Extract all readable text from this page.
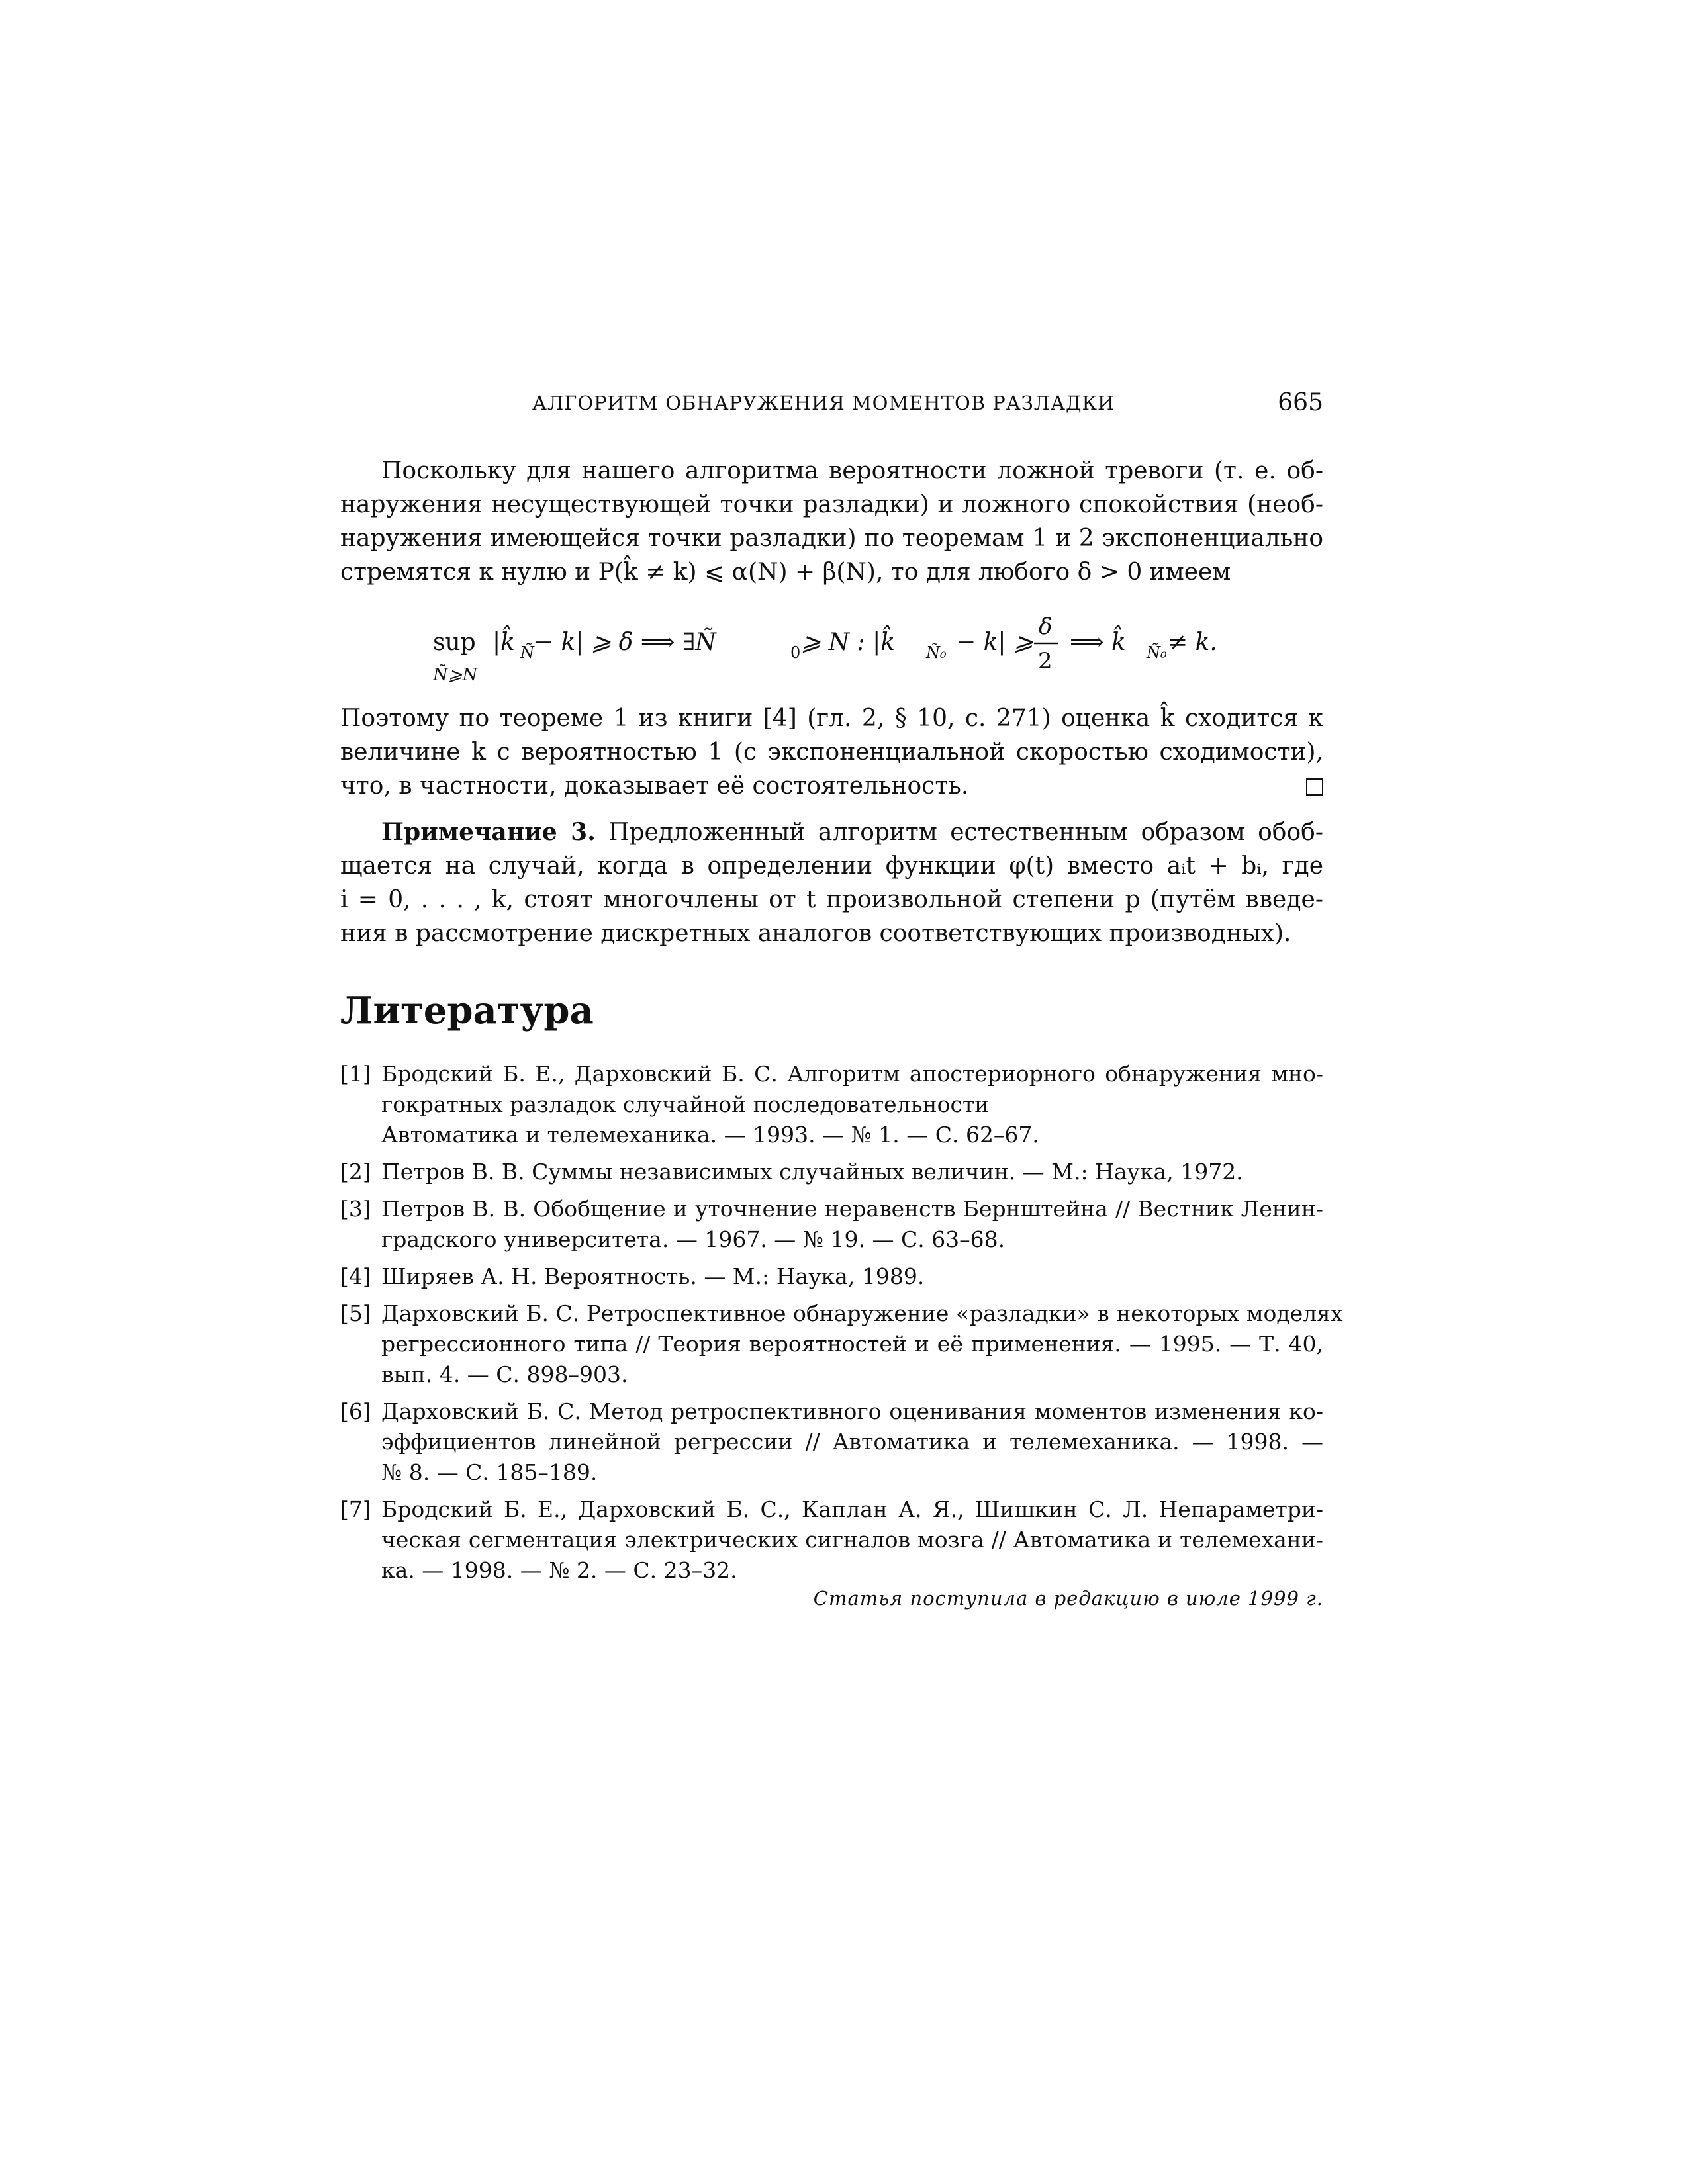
АЛГОРИТМ ОБНАРУЖЕНИЯ МОМЕНТОВ РАЗЛАДКИ	665

Поскольку для нашего алгоритма вероятности ложной тревоги (т. е. об-
наружения несуществующей точки разладки) и ложного спокойствия (необ-
наружения имеющейся точки разладки) по теоремам 1 и 2 экспоненциально
стремятся к нулю и P(k̂ ≠ k) ⩽ α(N) + β(N), то для любого δ > 0 имеем

sup
Ñ⩾N
|k̂ Ñ − k| ⩾ δ ⟹ ∃Ñ	0 ⩾ N : |k̂ Ñ₀ − k| ⩾
δ
2
⟹ k̂ Ñ₀ ≠ k.

Поэтому по теореме 1 из книги [4] (гл. 2, § 10, с. 271) оценка k̂ сходится к
величине k с вероятностью 1 (с экспоненциальной скоростью сходимости),
что, в частности, доказывает её состоятельность.

Примечание 3. Предложенный алгоритм естественным образом обоб-
щается на случай, когда в определении функции φ(t) вместо aᵢt + bᵢ, где
i = 0, . . . , k, стоят многочлены от t произвольной степени p (путём введе-
ния в рассмотрение дискретных аналогов соответствующих производных).

Литература
[1] Бродский Б. Е., Дарховский Б. С. Алгоритм апостериорного обнаружения мно-
гократных разладок случайной последовательности
Автоматика и телемеханика. — 1993. — № 1. — С. 62–67.
[2] Петров В. В. Суммы независимых случайных величин. — М.: Наука, 1972.
[3] Петров В. В. Обобщение и уточнение неравенств Бернштейна // Вестник Ленин-
градского университета. — 1967. — № 19. — С. 63–68.
[4] Ширяев А. Н. Вероятность. — М.: Наука, 1989.
[5] Дарховский Б. С. Ретроспективное обнаружение «разладки» в некоторых моделях
регрессионного типа // Теория вероятностей и её применения. — 1995. — Т. 40,
вып. 4. — С. 898–903.
[6] Дарховский Б. С. Метод ретроспективного оценивания моментов изменения ко-
эффициентов линейной регрессии // Автоматика и телемеханика. — 1998. —
№ 8. — С. 185–189.
[7] Бродский Б. Е., Дарховский Б. С., Каплан А. Я., Шишкин С. Л. Непараметри-
ческая сегментация электрических сигналов мозга // Автоматика и телемехани-
ка. — 1998. — № 2. — С. 23–32.
Статья поступила в редакцию в июле 1999 г.
